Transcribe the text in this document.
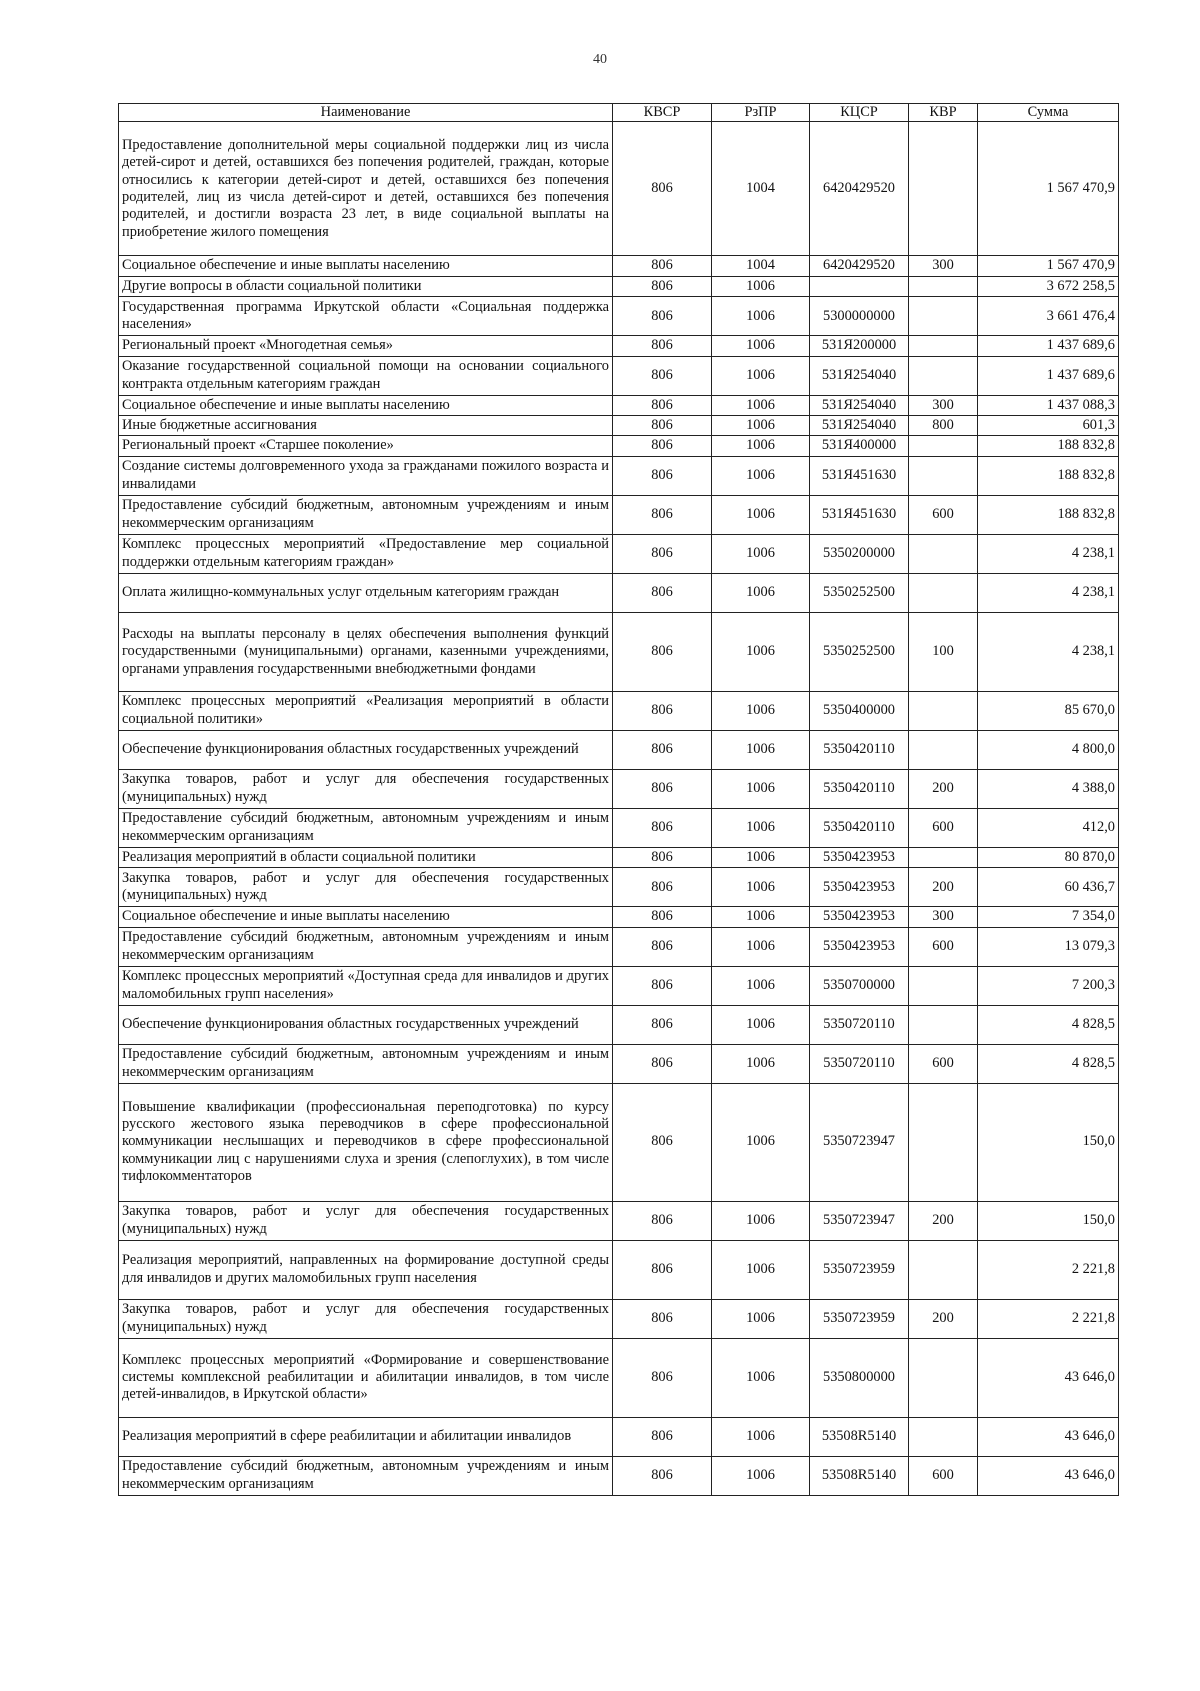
40
Наименование	КВСР	РзПР	КЦСР	КВР	Сумма
Предоставление дополнительной меры социальной поддержки лиц из числа детей-сирот и детей, оставшихся без попечения родителей, граждан, которые относились к категории детей-сирот и детей, оставшихся без попечения родителей, лиц из числа детей-сирот и детей, оставшихся без попечения родителей, и достигли возраста 23 лет, в виде социальной выплаты на приобретение жилого помещения	806	1004	6420429520		1 567 470,9
Социальное обеспечение и иные выплаты населению	806	1004	6420429520	300	1 567 470,9
Другие вопросы в области социальной политики	806	1006			3 672 258,5
Государственная программа Иркутской области «Социальная поддержка населения»	806	1006	5300000000		3 661 476,4
Региональный проект «Многодетная семья»	806	1006	531Я200000		1 437 689,6
Оказание государственной социальной помощи на основании социального контракта отдельным категориям граждан	806	1006	531Я254040		1 437 689,6
Социальное обеспечение и иные выплаты населению	806	1006	531Я254040	300	1 437 088,3
Иные бюджетные ассигнования	806	1006	531Я254040	800	601,3
Региональный проект «Старшее поколение»	806	1006	531Я400000		188 832,8
Создание системы долговременного ухода за гражданами пожилого возраста и инвалидами	806	1006	531Я451630		188 832,8
Предоставление субсидий бюджетным, автономным учреждениям и иным некоммерческим организациям	806	1006	531Я451630	600	188 832,8
Комплекс процессных мероприятий «Предоставление мер социальной поддержки отдельным категориям граждан»	806	1006	5350200000		4 238,1
Оплата жилищно-коммунальных услуг отдельным категориям граждан	806	1006	5350252500		4 238,1
Расходы на выплаты персоналу в целях обеспечения выполнения функций государственными (муниципальными) органами, казенными учреждениями, органами управления государственными внебюджетными фондами	806	1006	5350252500	100	4 238,1
Комплекс процессных мероприятий «Реализация мероприятий в области социальной политики»	806	1006	5350400000		85 670,0
Обеспечение функционирования областных государственных учреждений	806	1006	5350420110		4 800,0
Закупка товаров, работ и услуг для обеспечения государственных (муниципальных) нужд	806	1006	5350420110	200	4 388,0
Предоставление субсидий бюджетным, автономным учреждениям и иным некоммерческим организациям	806	1006	5350420110	600	412,0
Реализация мероприятий в области социальной политики	806	1006	5350423953		80 870,0
Закупка товаров, работ и услуг для обеспечения государственных (муниципальных) нужд	806	1006	5350423953	200	60 436,7
Социальное обеспечение и иные выплаты населению	806	1006	5350423953	300	7 354,0
Предоставление субсидий бюджетным, автономным учреждениям и иным некоммерческим организациям	806	1006	5350423953	600	13 079,3
Комплекс процессных мероприятий «Доступная среда для инвалидов и других маломобильных групп населения»	806	1006	5350700000		7 200,3
Обеспечение функционирования областных государственных учреждений	806	1006	5350720110		4 828,5
Предоставление субсидий бюджетным, автономным учреждениям и иным некоммерческим организациям	806	1006	5350720110	600	4 828,5
Повышение квалификации (профессиональная переподготовка) по курсу русского жестового языка переводчиков в сфере профессиональной коммуникации неслышащих и переводчиков в сфере профессиональной коммуникации лиц с нарушениями слуха и зрения (слепоглухих), в том числе тифлокомментаторов	806	1006	5350723947		150,0
Закупка товаров, работ и услуг для обеспечения государственных (муниципальных) нужд	806	1006	5350723947	200	150,0
Реализация мероприятий, направленных на формирование доступной среды для инвалидов и других маломобильных групп населения	806	1006	5350723959		2 221,8
Закупка товаров, работ и услуг для обеспечения государственных (муниципальных) нужд	806	1006	5350723959	200	2 221,8
Комплекс процессных мероприятий «Формирование и совершенствование системы комплексной реабилитации и абилитации инвалидов, в том числе детей-инвалидов, в Иркутской области»	806	1006	5350800000		43 646,0
Реализация мероприятий в сфере реабилитации и абилитации инвалидов	806	1006	53508R5140		43 646,0
Предоставление субсидий бюджетным, автономным учреждениям и иным некоммерческим организациям	806	1006	53508R5140	600	43 646,0
